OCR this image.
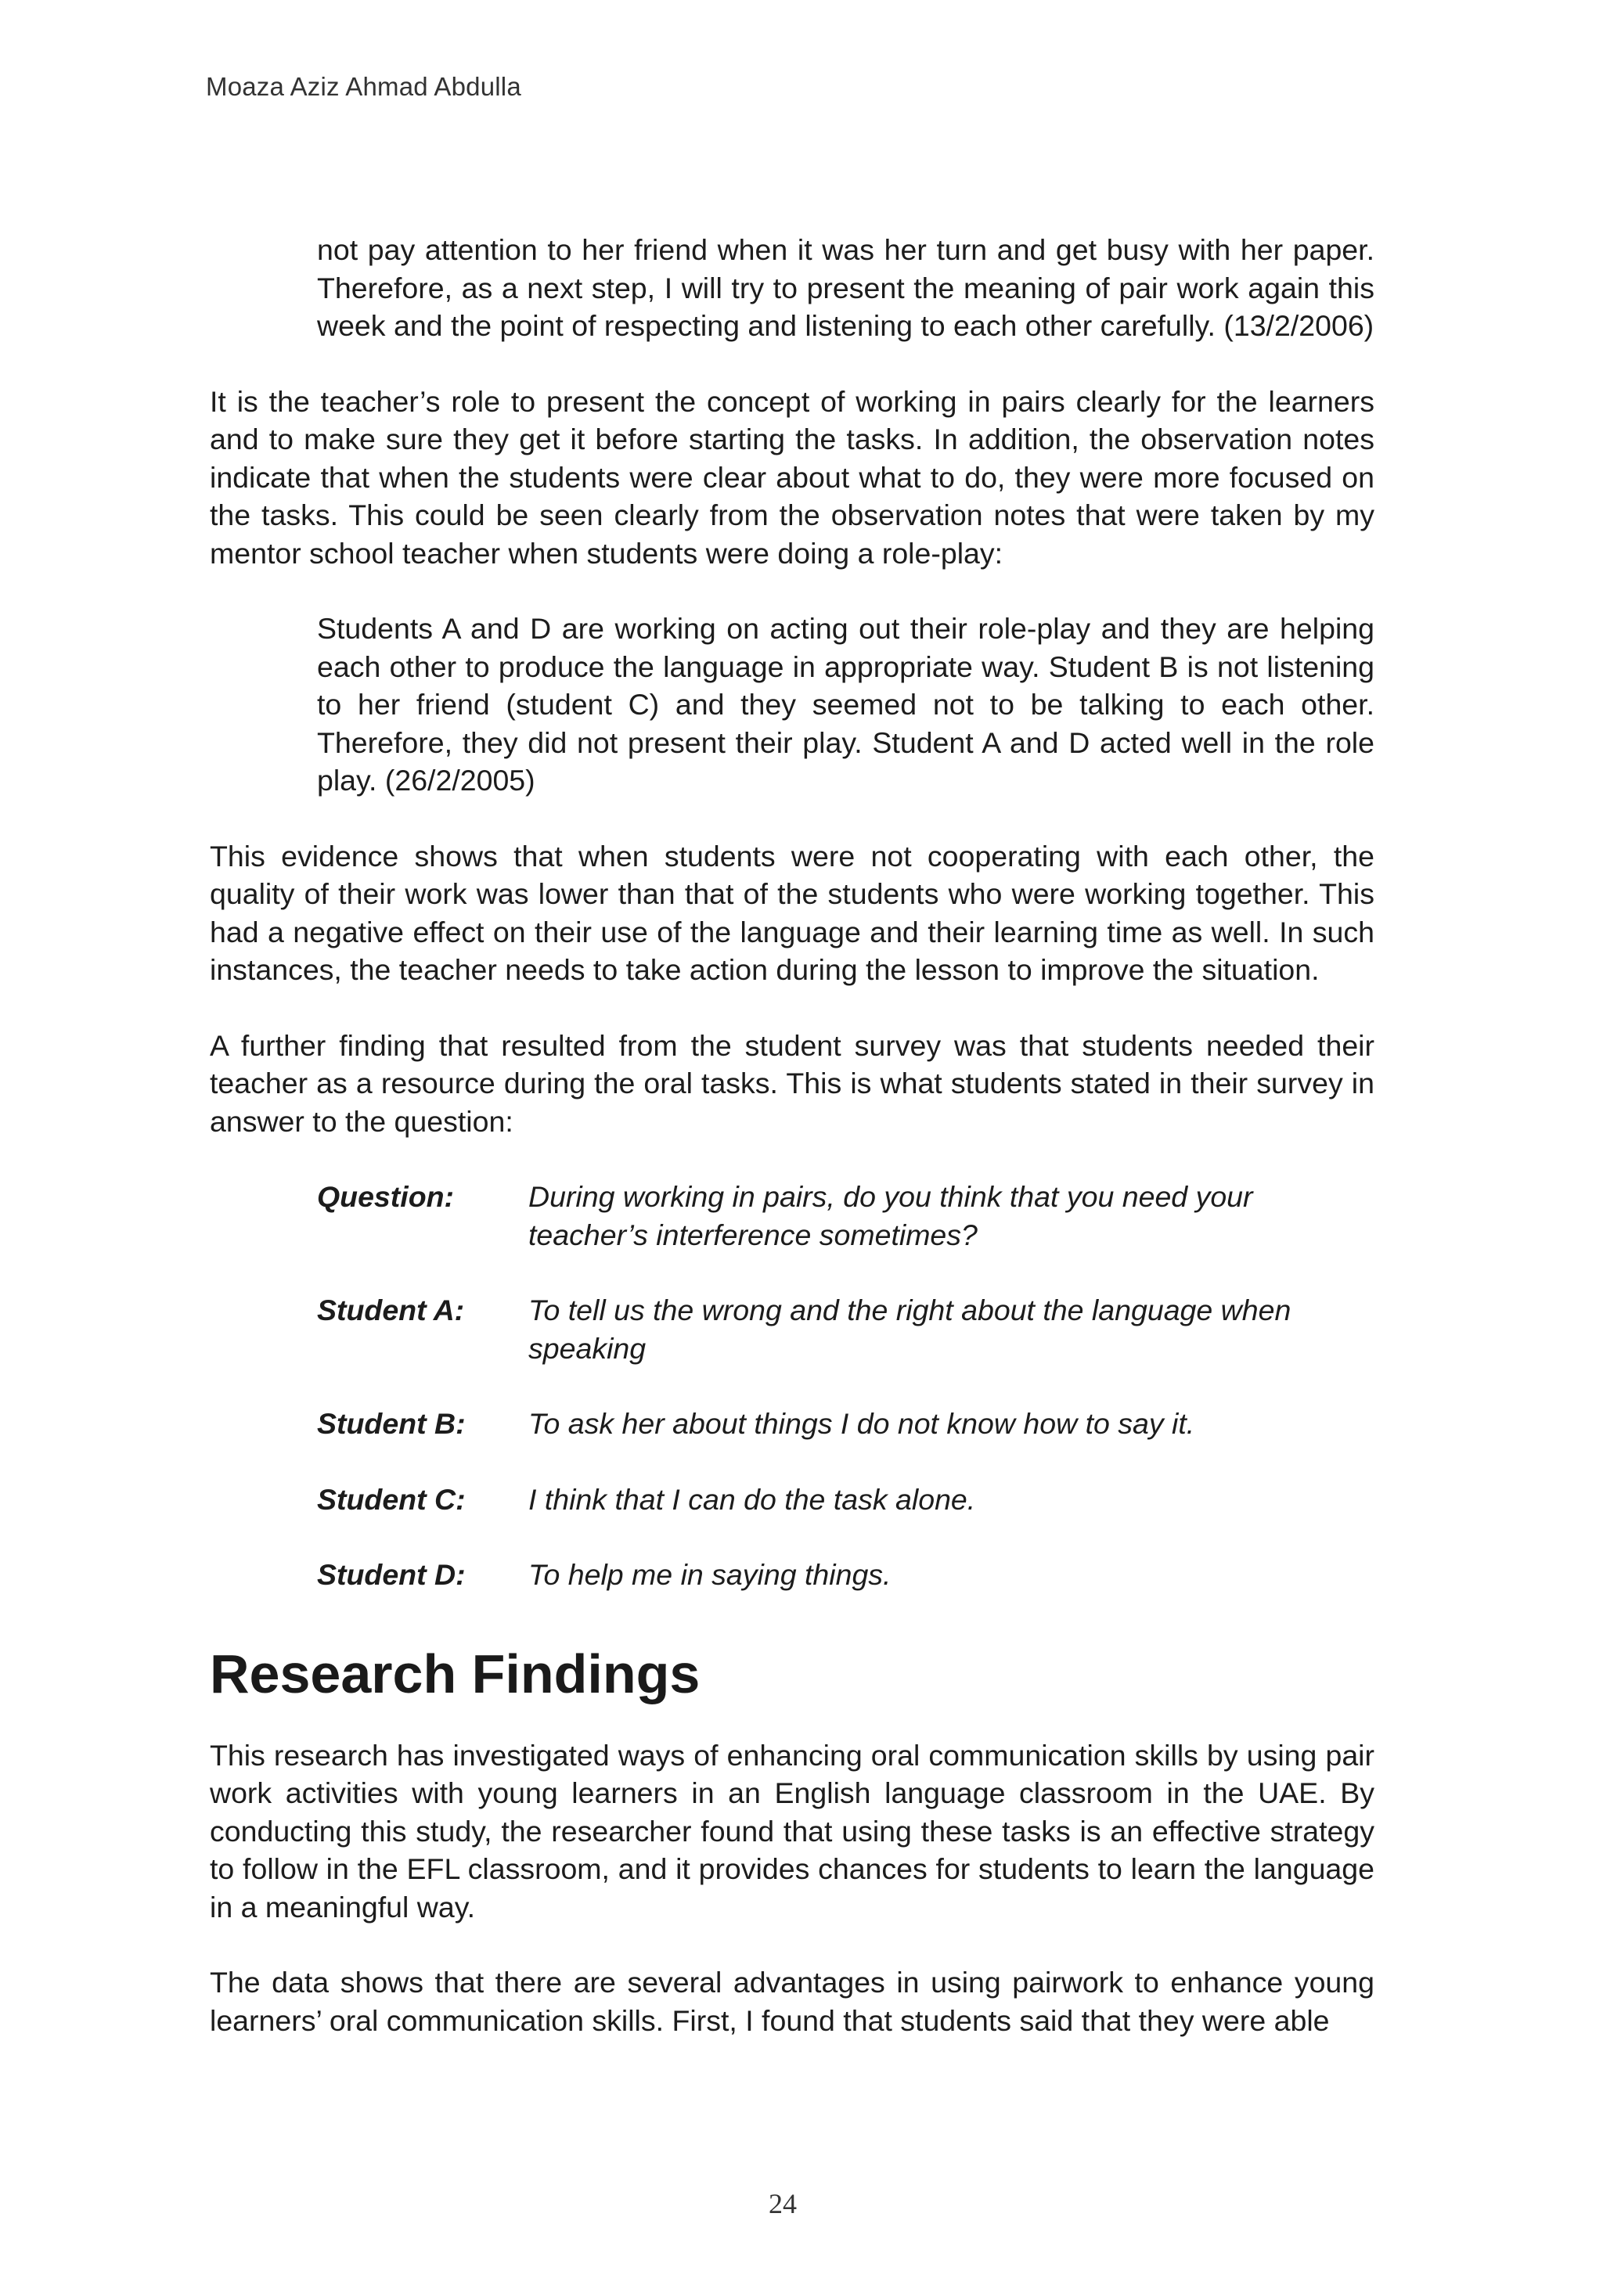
Moaza Aziz Ahmad Abdulla

not pay attention to her friend when it was her turn and get busy with her paper. Therefore, as a next step, I will try to present the meaning of pair work again this week and the point of respecting and listening to each other carefully. (13/2/2006)

It is the teacher’s role to present the concept of working in pairs clearly for the learners and to make sure they get it before starting the tasks. In addition, the observation notes indicate that when the students were clear about what to do, they were more focused on the tasks. This could be seen clearly from the observation notes that were taken by my mentor school teacher when students were doing a role-play:

Students A and D are working on acting out their role-play and they are helping each other to produce the language in appropriate way. Student B is not listening to her friend (student C) and they seemed not to be talking to each other. Therefore, they did not present their play. Student A and D acted well in the role play. (26/2/2005)

This evidence shows that when students were not cooperating with each other, the quality of their work was lower than that of the students who were working together. This had a negative effect on their use of the language and their learning time as well. In such instances, the teacher needs to take action during the lesson to improve the situation.

A further finding that resulted from the student survey was that students needed their teacher as a resource during the oral tasks. This is what students stated in their survey in answer to the question:

Question:	During working in pairs, do you think that you need your teacher’s interference sometimes?
Student A:	To tell us the wrong and the right about the language when speaking
Student B:	To ask her about things I do not know how to say it.
Student C:	I think that I can do the task alone.
Student D:	To help me in saying things.
Research Findings

This research has investigated ways of enhancing oral communication skills by using pair work activities with young learners in an English language classroom in the UAE. By conducting this study, the researcher found that using these tasks is an effective strategy to follow in the EFL classroom, and it provides chances for students to learn the language in a meaningful way.

The data shows that there are several advantages in using pairwork to enhance young learners’ oral communication skills. First, I found that students said that they were able

24
